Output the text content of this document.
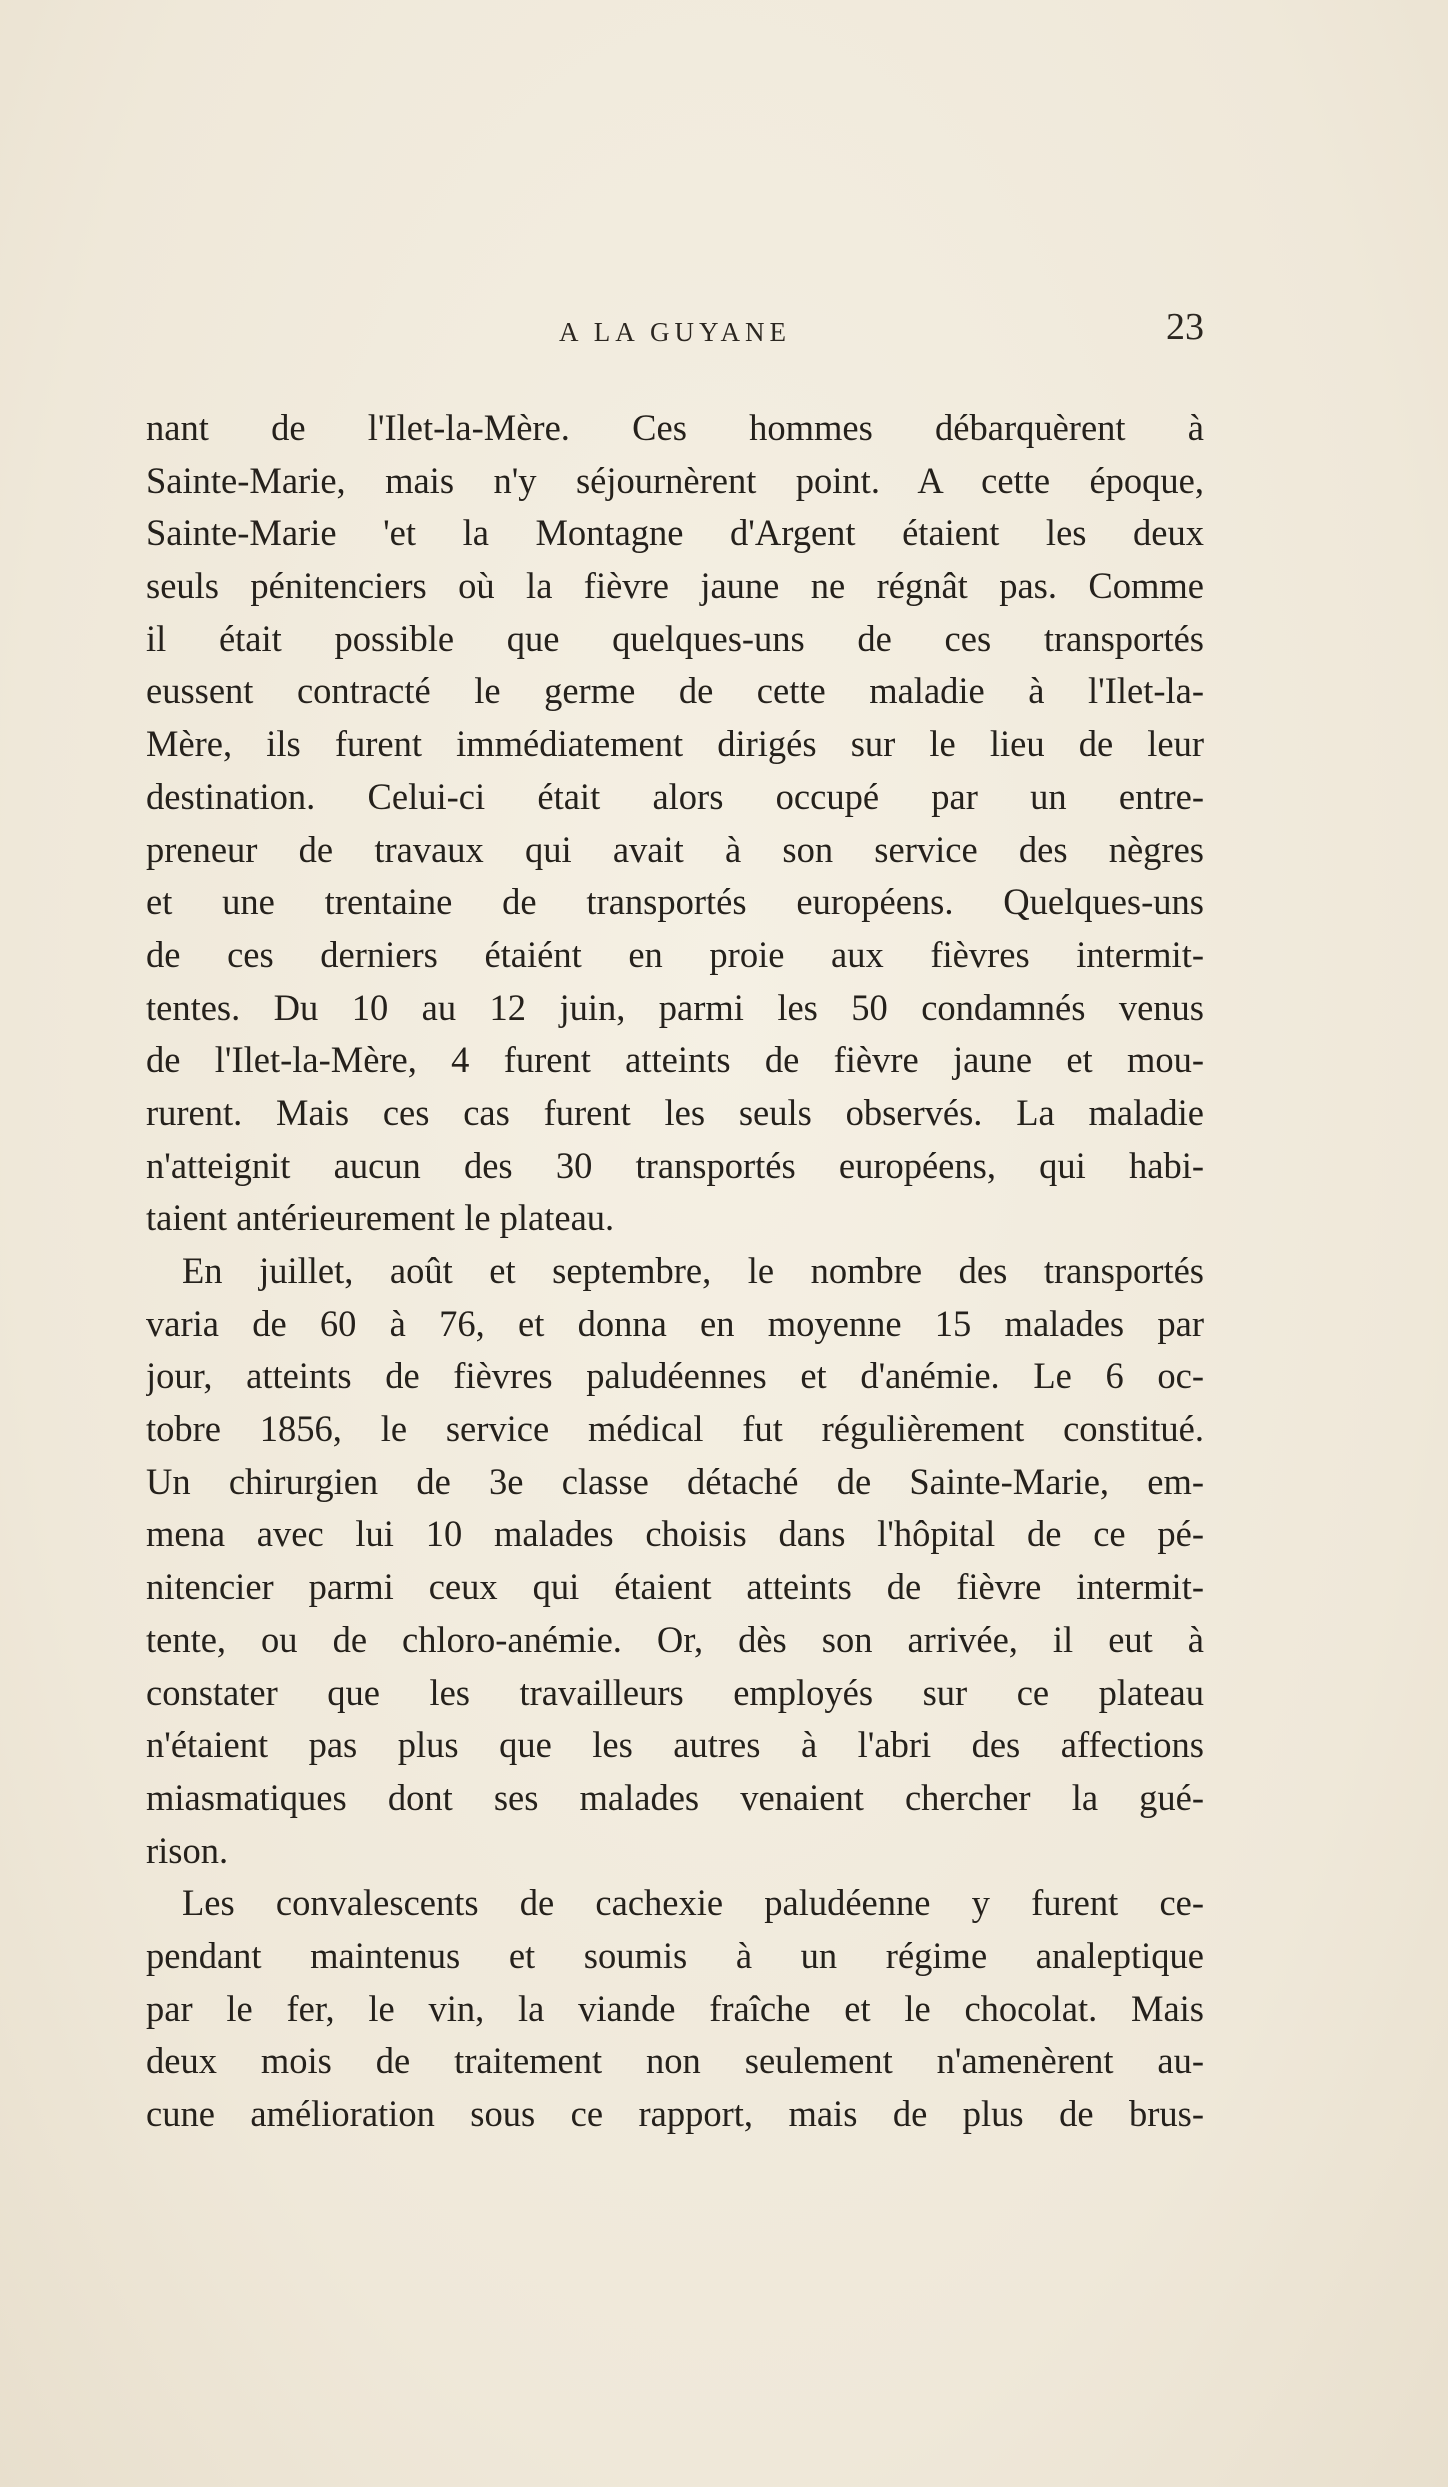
A LA GUYANE	23
nant de l'Ilet-la-Mère. Ces hommes débarquèrent à
Sainte-Marie, mais n'y séjournèrent point. A cette époque,
Sainte-Marie 'et la Montagne d'Argent étaient les deux
seuls pénitenciers où la fièvre jaune ne régnât pas. Comme
il était possible que quelques-uns de ces transportés
eussent contracté le germe de cette maladie à l'Ilet-la-
Mère, ils furent immédiatement dirigés sur le lieu de leur
destination. Celui-ci était alors occupé par un entre-
preneur de travaux qui avait à son service des nègres
et une trentaine de transportés européens. Quelques-uns
de ces derniers étaiént en proie aux fièvres intermit-
tentes. Du 10 au 12 juin, parmi les 50 condamnés venus
de l'Ilet-la-Mère, 4 furent atteints de fièvre jaune et mou-
rurent. Mais ces cas furent les seuls observés. La maladie
n'atteignit aucun des 30 transportés européens, qui habi-
taient antérieurement le plateau.
En juillet, août et septembre, le nombre des transportés
varia de 60 à 76, et donna en moyenne 15 malades par
jour, atteints de fièvres paludéennes et d'anémie. Le 6 oc-
tobre 1856, le service médical fut régulièrement constitué.
Un chirurgien de 3e classe détaché de Sainte-Marie, em-
mena avec lui 10 malades choisis dans l'hôpital de ce pé-
nitencier parmi ceux qui étaient atteints de fièvre intermit-
tente, ou de chloro-anémie. Or, dès son arrivée, il eut à
constater que les travailleurs employés sur ce plateau
n'étaient pas plus que les autres à l'abri des affections
miasmatiques dont ses malades venaient chercher la gué-
rison.
Les convalescents de cachexie paludéenne y furent ce-
pendant maintenus et soumis à un régime analeptique
par le fer, le vin, la viande fraîche et le chocolat. Mais
deux mois de traitement non seulement n'amenèrent au-
cune amélioration sous ce rapport, mais de plus de brus-
